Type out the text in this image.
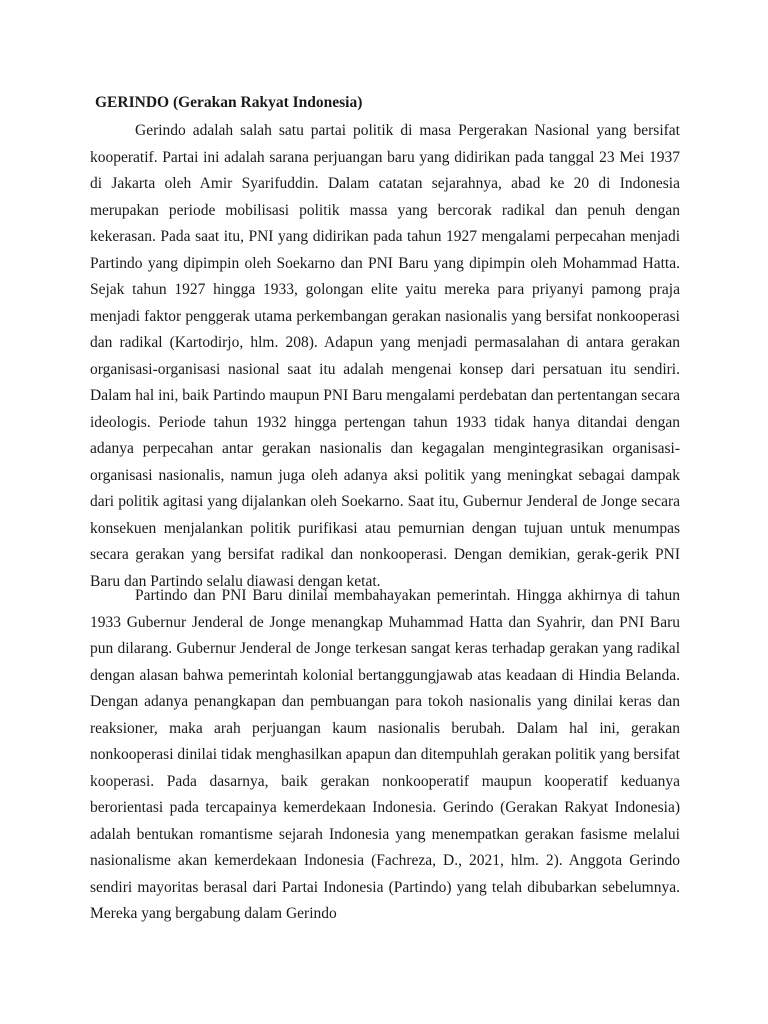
GERINDO (Gerakan Rakyat Indonesia)

Gerindo adalah salah satu partai politik di masa Pergerakan Nasional yang bersifat kooperatif. Partai ini adalah sarana perjuangan baru yang didirikan pada tanggal 23 Mei 1937 di Jakarta oleh Amir Syarifuddin. Dalam catatan sejarahnya, abad ke 20 di Indonesia merupakan periode mobilisasi politik massa yang bercorak radikal dan penuh dengan kekerasan. Pada saat itu, PNI yang didirikan pada tahun 1927 mengalami perpecahan menjadi Partindo yang dipimpin oleh Soekarno dan PNI Baru yang dipimpin oleh Mohammad Hatta. Sejak tahun 1927 hingga 1933, golongan elite yaitu mereka para priyanyi pamong praja menjadi faktor penggerak utama perkembangan gerakan nasionalis yang bersifat nonkooperasi dan radikal (Kartodirjo, hlm. 208). Adapun yang menjadi permasalahan di antara gerakan organisasi-organisasi nasional saat itu adalah mengenai konsep dari persatuan itu sendiri. Dalam hal ini, baik Partindo maupun PNI Baru mengalami perdebatan dan pertentangan secara ideologis. Periode tahun 1932 hingga pertengan tahun 1933 tidak hanya ditandai dengan adanya perpecahan antar gerakan nasionalis dan kegagalan mengintegrasikan organisasi-organisasi nasionalis, namun juga oleh adanya aksi politik yang meningkat sebagai dampak dari politik agitasi yang dijalankan oleh Soekarno. Saat itu, Gubernur Jenderal de Jonge secara konsekuen menjalankan politik purifikasi atau pemurnian dengan tujuan untuk menumpas secara gerakan yang bersifat radikal dan nonkooperasi. Dengan demikian, gerak-gerik PNI Baru dan Partindo selalu diawasi dengan ketat.

Partindo dan PNI Baru dinilai membahayakan pemerintah. Hingga akhirnya di tahun 1933 Gubernur Jenderal de Jonge menangkap Muhammad Hatta dan Syahrir, dan PNI Baru pun dilarang. Gubernur Jenderal de Jonge terkesan sangat keras terhadap gerakan yang radikal dengan alasan bahwa pemerintah kolonial bertanggungjawab atas keadaan di Hindia Belanda. Dengan adanya penangkapan dan pembuangan para tokoh nasionalis yang dinilai keras dan reaksioner, maka arah perjuangan kaum nasionalis berubah. Dalam hal ini, gerakan nonkooperasi dinilai tidak menghasilkan apapun dan ditempuhlah gerakan politik yang bersifat kooperasi. Pada dasarnya, baik gerakan nonkooperatif maupun kooperatif keduanya berorientasi pada tercapainya kemerdekaan Indonesia. Gerindo (Gerakan Rakyat Indonesia) adalah bentukan romantisme sejarah Indonesia yang menempatkan gerakan fasisme melalui nasionalisme akan kemerdekaan Indonesia (Fachreza, D., 2021, hlm. 2). Anggota Gerindo sendiri mayoritas berasal dari Partai Indonesia (Partindo) yang telah dibubarkan sebelumnya. Mereka yang bergabung dalam Gerindo
